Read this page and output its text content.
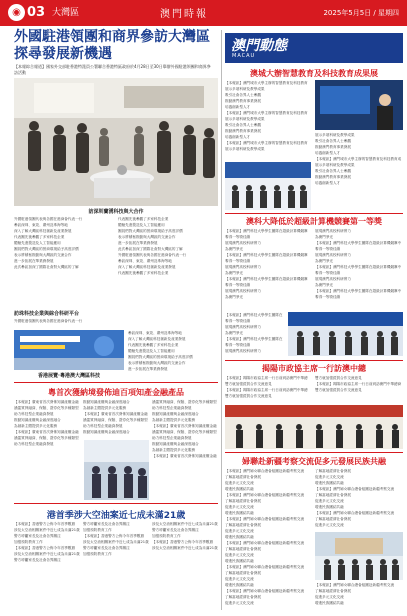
◉ 03 大灣區	澳門時報	2025年5月5日 / 星期四
外國駐港領團和商界參訪大灣區 探尋發展新機遇
【本報綜合報道】國家外交部駐香港特派員公署聯合香港特區政府於4月28日至30日舉辦外國駐港領團和商界參訪活動
訪深圳蘭湧科技與大合作
外國駐港領團代表與各國在港商會代表一行
參訪深圳、東莞、廣州及珠海等地
深入了解大灣區科技創新及產業發展
代表團先後參觀了多家科技企業
體驗先進製造及人工智能應用
團員們對大灣區的營商環境給予高度評價
表示將積極推動與大灣區的交流合作
進一步拓展在華業務發展
此次參訪加深了國際社會對大灣區的了解
訪珠科技企業與綜合科研平台
外國駐港領團代表與各國在港商會代表一行
代表團先後參觀了多家科技企業
體驗先進製造及人工智能應用
團員們對大灣區的營商環境給予高度評價
表示將積極推動與大灣區的交流合作
進一步拓展在華業務發展
此次參訪加深了國際社會對大灣區的了解
外國駐港領團代表與各國在港商會代表一行
參訪深圳、東莞、廣州及珠海等地
深入了解大灣區科技創新及產業發展
代表團先後參觀了多家科技企業
香港展覽·粵港澳大灣區科技
參訪深圳、東莞、廣州及珠海等地
深入了解大灣區科技創新及產業發展
代表團先後參觀了多家科技企業
體驗先進製造及人工智能應用
團員們對大灣區的營商環境給予高度評價
表示將積極推動與大灣區的交流合作
進一步拓展在華業務發展
粵首次獲納境發佈迪百項知產金融產品
【本報訊】廣東省首次發佈知識產權金融
涵蓋質押融資、保險、證券化等多種類型
助力科技型企業融資發展
推動知識產權與金融深度融合
為創新主體提供多元化服務
【本報訊】廣東省首次發佈知識產權金融
涵蓋質押融資、保險、證券化等多種類型
助力科技型企業融資發展
推動知識產權與金融深度融合
為創新主體提供多元化服務
【本報訊】廣東省首次發佈知識產權金融
涵蓋質押融資、保險、證券化等多種類型
助力科技型企業融資發展
推動知識產權與金融深度融合
涵蓋質押融資、保險、證券化等多種類型
助力科技型企業融資發展
推動知識產權與金融深度融合
為創新主體提供多元化服務
【本報訊】廣東省首次發佈知識產權金融
涵蓋質押融資、保險、證券化等多種類型
助力科技型企業融資發展
推動知識產權與金融深度融合
為創新主體提供多元化服務
【本報訊】廣東省首次發佈知識產權金融
港首季涉大空油案近七成未滿21歲
【本報訊】香港警方公佈今年首季數據
涉及太空油相關案件中近七成為未滿21歲
警方呼籲家長及社會各界關注
加強預防教育工作
【本報訊】香港警方公佈今年首季數據
涉及太空油相關案件中近七成為未滿21歲
警方呼籲家長及社會各界關注
警方呼籲家長及社會各界關注
加強預防教育工作
【本報訊】香港警方公佈今年首季數據
涉及太空油相關案件中近七成為未滿21歲
警方呼籲家長及社會各界關注
加強預防教育工作
涉及太空油相關案件中近七成為未滿21歲
警方呼籲家長及社會各界關注
加強預防教育工作
【本報訊】香港警方公佈今年首季數據
涉及太空油相關案件中近七成為未滿21歲
澳門動態
MACAU
澳城大辦智慧教育及科技教育成果展
【本報訊】澳門城市大學主辦的智慧教育及科技教育
展示多項科研及教學成果
吸引社會各界人士參觀
推動澳門教育事業發展
培養創新型人才
【本報訊】澳門城市大學主辦的智慧教育及科技教育
展示多項科研及教學成果
吸引社會各界人士參觀
推動澳門教育事業發展
培養創新型人才
【本報訊】澳門城市大學主辦的智慧教育及科技教育
展示多項科研及教學成果
展示多項科研及教學成果
吸引社會各界人士參觀
推動澳門教育事業發展
培養創新型人才
【本報訊】澳門城市大學主辦的智慧教育及科技教育成
展示多項科研及教學成果
吸引社會各界人士參觀
推動澳門教育事業發展
培養創新型人才
澳科大降低於超級計算機競賽第一等獎
【本報訊】澳門科技大學學生團隊在超級計算機競賽
奪得一等獎佳績
展現澳門高校科研實力
為澳門爭光
【本報訊】澳門科技大學學生團隊在超級計算機競賽
奪得一等獎佳績
展現澳門高校科研實力
為澳門爭光
【本報訊】澳門科技大學學生團隊在超級計算機競賽
奪得一等獎佳績
展現澳門高校科研實力
為澳門爭光
展現澳門高校科研實力
為澳門爭光
【本報訊】澳門科技大學學生團隊在超級計算機競賽中
奪得一等獎佳績
展現澳門高校科研實力
為澳門爭光
【本報訊】澳門科技大學學生團隊在超級計算機競賽中
奪得一等獎佳績
展現澳門高校科研實力
為澳門爭光
【本報訊】澳門科技大學學生團隊在超級計算機競賽中
奪得一等獎佳績
【本報訊】澳門科技大學學生團隊在
奪得一等獎佳績
展現澳門高校科研實力
為澳門爭光
【本報訊】澳門科技大學學生團隊在
奪得一等獎佳績
展現澳門高校科研實力
揭陽市政協主席一行訪澳中總
【本報訊】揭陽市政協主席一行日前到訪澳門中華總
雙方就加強經貿合作交流意見
【本報訊】揭陽市政協主席一行日前到訪澳門中華總
雙方就加強經貿合作交流意見
雙方就加強經貿合作交流意見
【本報訊】揭陽市政協主席一行日前到訪澳門中華總商
雙方就加強經貿合作交流意見
婦聯赴新疆考察交流促多元發展民族共融
【本報訊】澳門婦女聯合總會組團赴新疆考察交流
了解當地經濟社會發展
促進多元文化交流
增進民族團結共融
【本報訊】澳門婦女聯合總會組團赴新疆考察交流
了解當地經濟社會發展
促進多元文化交流
增進民族團結共融
【本報訊】澳門婦女聯合總會組團赴新疆考察交流
了解當地經濟社會發展
促進多元文化交流
增進民族團結共融
【本報訊】澳門婦女聯合總會組團赴新疆考察交流
了解當地經濟社會發展
促進多元文化交流
增進民族團結共融
【本報訊】澳門婦女聯合總會組團赴新疆考察交流
了解當地經濟社會發展
促進多元文化交流
增進民族團結共融
【本報訊】澳門婦女聯合總會組團赴新疆考察交流
了解當地經濟社會發展
促進多元文化交流
了解當地經濟社會發展
促進多元文化交流
增進民族團結共融
【本報訊】澳門婦女聯合總會組團赴新疆考察交流
了解當地經濟社會發展
促進多元文化交流
增進民族團結共融
【本報訊】澳門婦女聯合總會組團赴新疆考察交流
了解當地經濟社會發展
促進多元文化交流
【本報訊】澳門婦女聯合總會組團赴新疆考察交流
了解當地經濟社會發展
促進多元文化交流
增進民族團結共融
